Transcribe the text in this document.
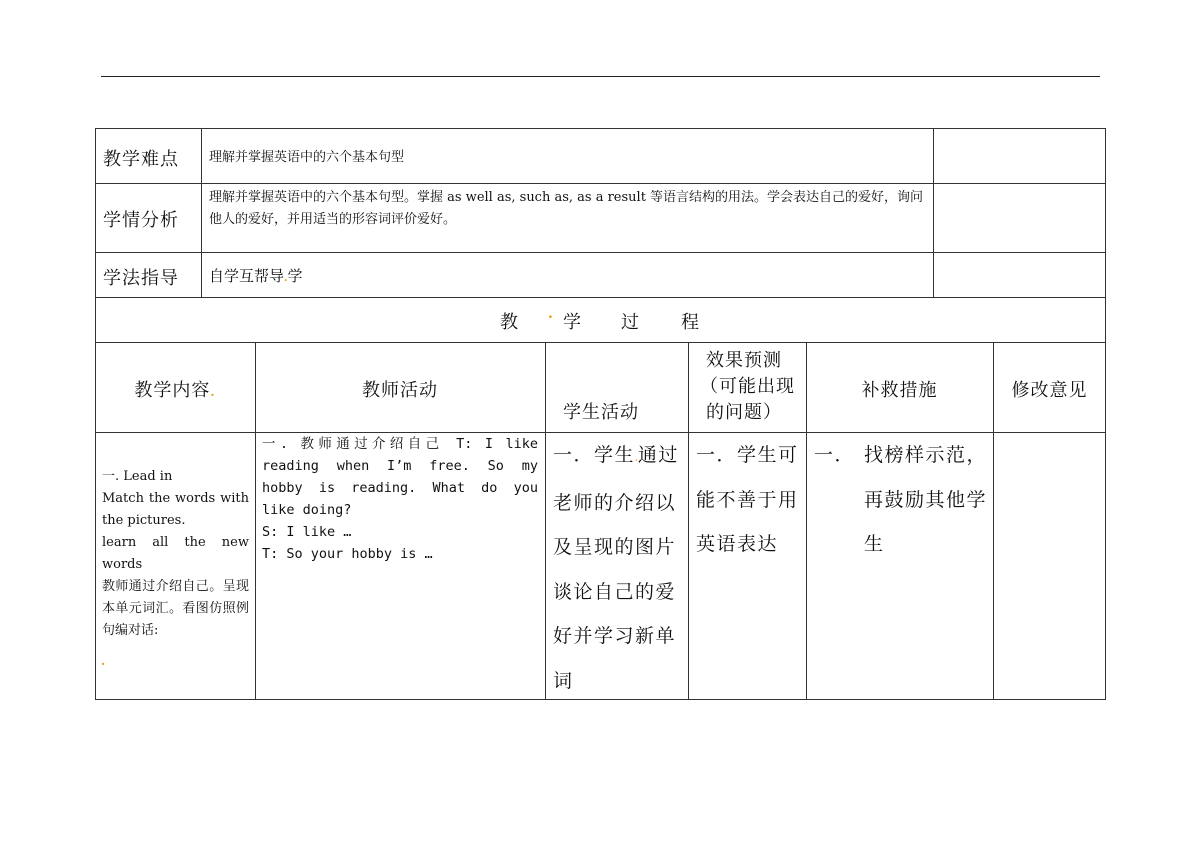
教学难点 理解并掌握英语中的六个基本句型
学情分析
理解并掌握英语中的六个基本句型。掌握 as well as, such as, as a result 等语言结构的用法。学会表达自己的爱好，询问他人的爱好，并用适当的形容词评价爱好。
学法指导 自学互帮导.学
教 . 学 过 程
教学内容.	教师活动
学生活动
效果预测
（可能出现
的问题）
补救措施	修改意见
一. Lead in
Match the words with the pictures.
learn all the new words
教师通过介绍自己。呈现本单元词汇。看图仿照例句编对话:
.
一. 教师通过介绍自己 T: I like reading when I’m free. So my hobby is reading. What do you like doing?
S: I like …
T: So your hobby is …
一．学生.通过老师的介绍以及呈现的图片谈论自己的爱好并学习新单词
一．学生可能不善于用英语表达
一． 找榜样示范，再鼓励其他学生
